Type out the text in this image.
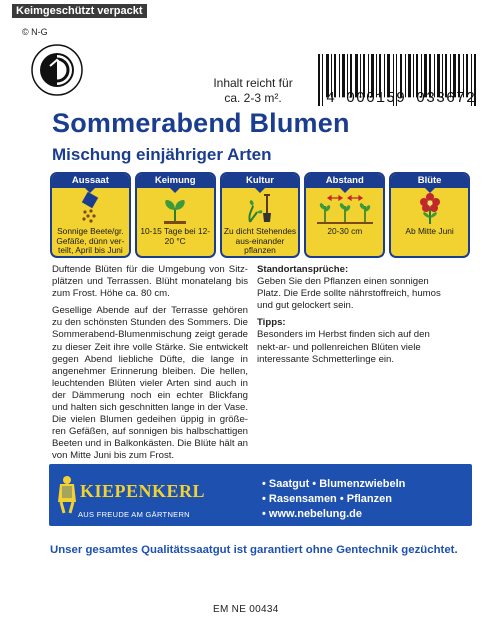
Keimgeschützt verpackt
© N-G
Inhalt reicht für
ca. 2-3 m².	4 000159 033672
Sommerabend Blumen
Mischung einjähriger Arten
Aussaat
Sonnige Beete/gr. Gefäße, dünn ver-teilt, April bis Juni
Keimung
10-15 Tage bei 12-20 °C
Kultur
Zu dicht Stehendes aus-einander pflanzen
Abstand
20-30 cm
Blüte
Ab Mitte Juni

Duftende Blüten für die Umgebung von Sitz-plätzen und Terrassen. Blüht monatelang bis zum Frost. Höhe ca. 80 cm.

Gesellige Abende auf der Terrasse gehören zu den schönsten Stunden des Sommers. Die Sommerabend-Blumenmischung zeigt gerade zu dieser Zeit ihre volle Stärke. Sie entwickelt gegen Abend liebliche Düfte, die lange in angenehmer Erinnerung bleiben. Die hellen, leuchtenden Blüten vieler Arten sind auch in der Dämmerung noch ein echter Blickfang und halten sich geschnitten lange in der Vase. Die vielen Blumen gedeihen üppig in größe-ren Gefäßen, auf sonnigen bis halbschattigen Beeten und in Balkonkästen. Die Blüte hält an von Mitte Juni bis zum Frost.

Standortansprüche:

Geben Sie den Pflanzen einen sonnigen Platz. Die Erde sollte nährstoffreich, humos und gut gelockert sein.

Tipps:

Besonders im Herbst finden sich auf den nekt-ar- und pollenreichen Blüten viele interessante Schmetterlinge ein.

KIEPENKERL
AUS FREUDE AM GÄRTNERN
• Saatgut • Blumenzwiebeln
• Rasensamen • Pflanzen
• www.nebelung.de
Unser gesamtes Qualitätssaatgut ist garantiert ohne Gentechnik gezüchtet.
EM NE 00434
